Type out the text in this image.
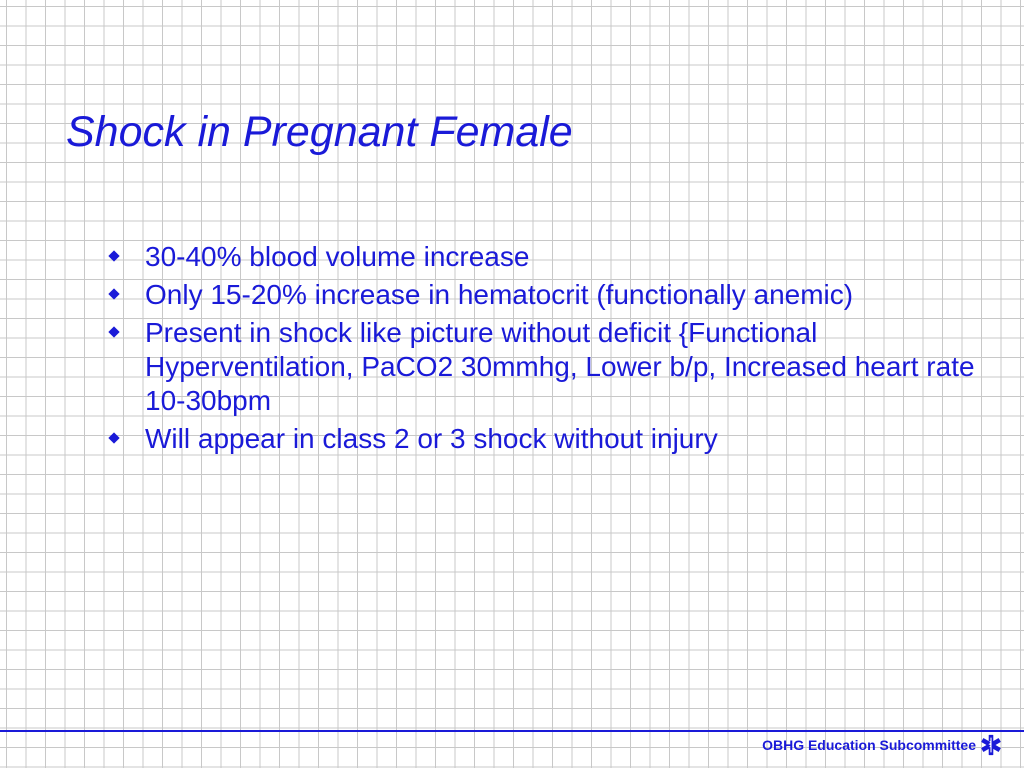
Shock in Pregnant Female
30-40% blood volume increase
Only 15-20% increase in hematocrit (functionally anemic)
Present in shock like picture without deficit {Functional Hyperventilation, PaCO2 30mmhg, Lower b/p, Increased heart rate 10-30bpm
Will appear in class 2 or 3 shock without injury
OBHG Education Subcommittee
